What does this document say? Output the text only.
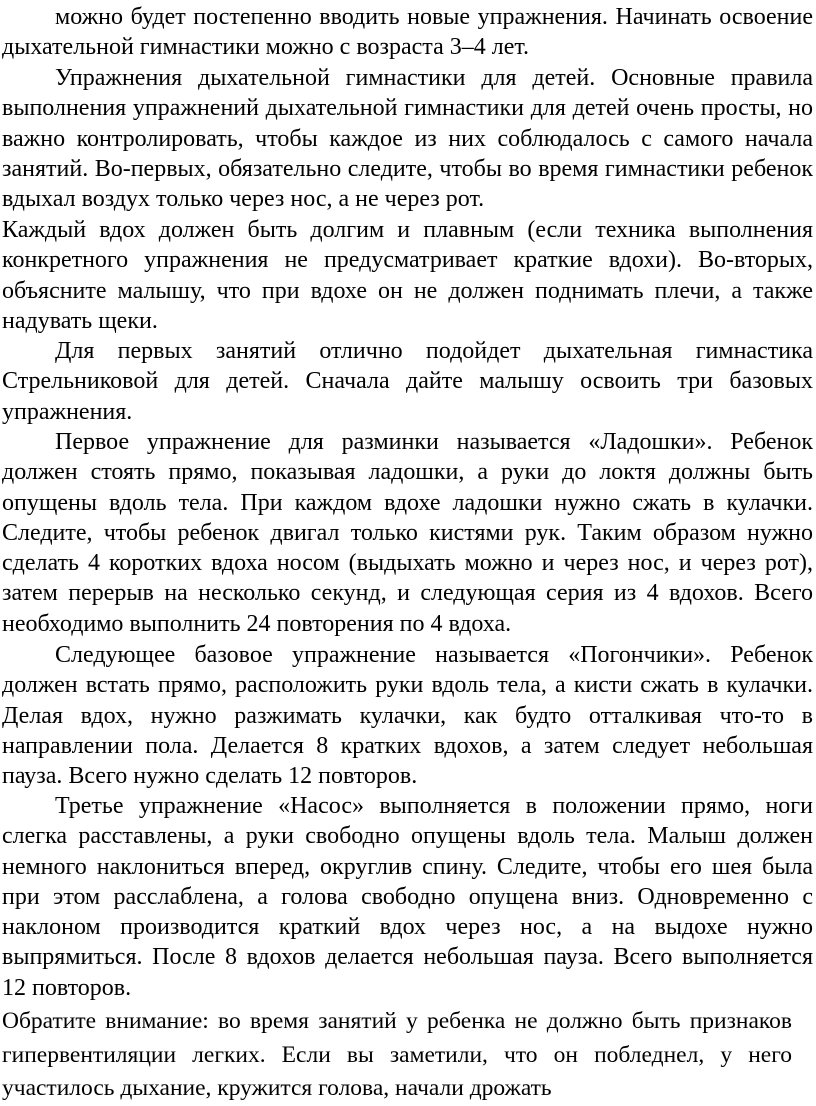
можно будет постепенно вводить новые упражнения. Начинать освоение дыхательной гимнастики можно с возраста 3–4 лет.

Упражнения дыхательной гимнастики для детей. Основные правила выполнения упражнений дыхательной гимнастики для детей очень просты, но важно контролировать, чтобы каждое из них соблюдалось с самого начала занятий. Во-первых, обязательно следите, чтобы во время гимнастики ребенок вдыхал воздух только через нос, а не через рот.

Каждый вдох должен быть долгим и плавным (если техника выполнения конкретного упражнения не предусматривает краткие вдохи). Во-вторых, объясните малышу, что при вдохе он не должен поднимать плечи, а также надувать щеки.

Для первых занятий отлично подойдет дыхательная гимнастика Стрельниковой для детей. Сначала дайте малышу освоить три базовых упражнения.

Первое упражнение для разминки называется «Ладошки». Ребенок должен стоять прямо, показывая ладошки, а руки до локтя должны быть опущены вдоль тела. При каждом вдохе ладошки нужно сжать в кулачки. Следите, чтобы ребенок двигал только кистями рук. Таким образом нужно сделать 4 коротких вдоха носом (выдыхать можно и через нос, и через рот), затем перерыв на несколько секунд, и следующая серия из 4 вдохов. Всего необходимо выполнить 24 повторения по 4 вдоха.

Следующее базовое упражнение называется «Погончики». Ребенок должен встать прямо, расположить руки вдоль тела, а кисти сжать в кулачки. Делая вдох, нужно разжимать кулачки, как будто отталкивая что-то в направлении пола. Делается 8 кратких вдохов, а затем следует небольшая пауза. Всего нужно сделать 12 повторов.

Третье упражнение «Насос» выполняется в положении прямо, ноги слегка расставлены, а руки свободно опущены вдоль тела. Малыш должен немного наклониться вперед, округлив спину. Следите, чтобы его шея была при этом расслаблена, а голова свободно опущена вниз. Одновременно с наклоном производится краткий вдох через нос, а на выдохе нужно выпрямиться. После 8 вдохов делается небольшая пауза. Всего выполняется 12 повторов.

Обратите внимание: во время занятий у ребенка не должно быть признаков гипервентиляции легких. Если вы заметили, что он побледнел, у него участилось дыхание, кружится голова, начали дрожать
